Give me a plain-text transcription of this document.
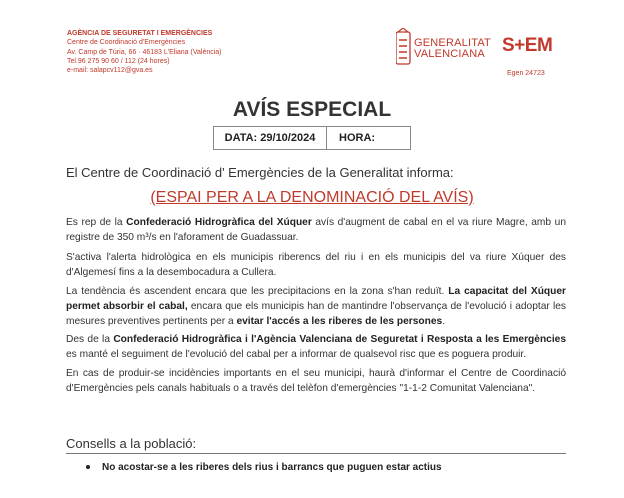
AGÈNCIA DE SEGURETAT I EMERGÈNCIES
Centre de Coordinació d'Emergències
Av. Camp de Túria, 66 · 46183 L'Eliana (València)
Tel.96 275 90 60 / 112 (24 hores)
e-mail: salapcv112@gva.es
GENERALITAT
VALENCIANA S+EM
Egen 24723
AVÍS ESPECIAL
DATA: 29/10/2024	HORA:
El Centre de Coordinació d' Emergències de la Generalitat informa:
(ESPAI PER A LA DENOMINACIÓ DEL AVÍS)
Es rep de la Confederació Hidrogràfica del Xúquer avís d'augment de cabal en el va riure Magre, amb un registre de 350 m³/s en l'aforament de Guadassuar.
S'activa l'alerta hidrològica en els municipis riberencs del riu i en els municipis del va riure Xúquer des d'Algemesí fins a la desembocadura a Cullera.
La tendència és ascendent encara que les precipitacions en la zona s'han reduït. La capacitat del Xúquer permet absorbir el cabal, encara que els municipis han de mantindre l'observança de l'evolució i adoptar les mesures preventives pertinents per a evitar l'accés a les riberes de les persones.
Des de la Confederació Hidrogràfica i l'Agència Valenciana de Seguretat i Resposta a les Emergències es manté el seguiment de l'evolució del cabal per a informar de qualsevol risc que es poguera produir.
En cas de produir-se incidències importants en el seu municipi, haurà d'informar el Centre de Coordinació d'Emergències pels canals habituals o a través del telèfon d'emergències "1-1-2 Comunitat Valenciana".
Consells a la població:
No acostar-se a les riberes dels rius i barrancs que puguen estar actius
